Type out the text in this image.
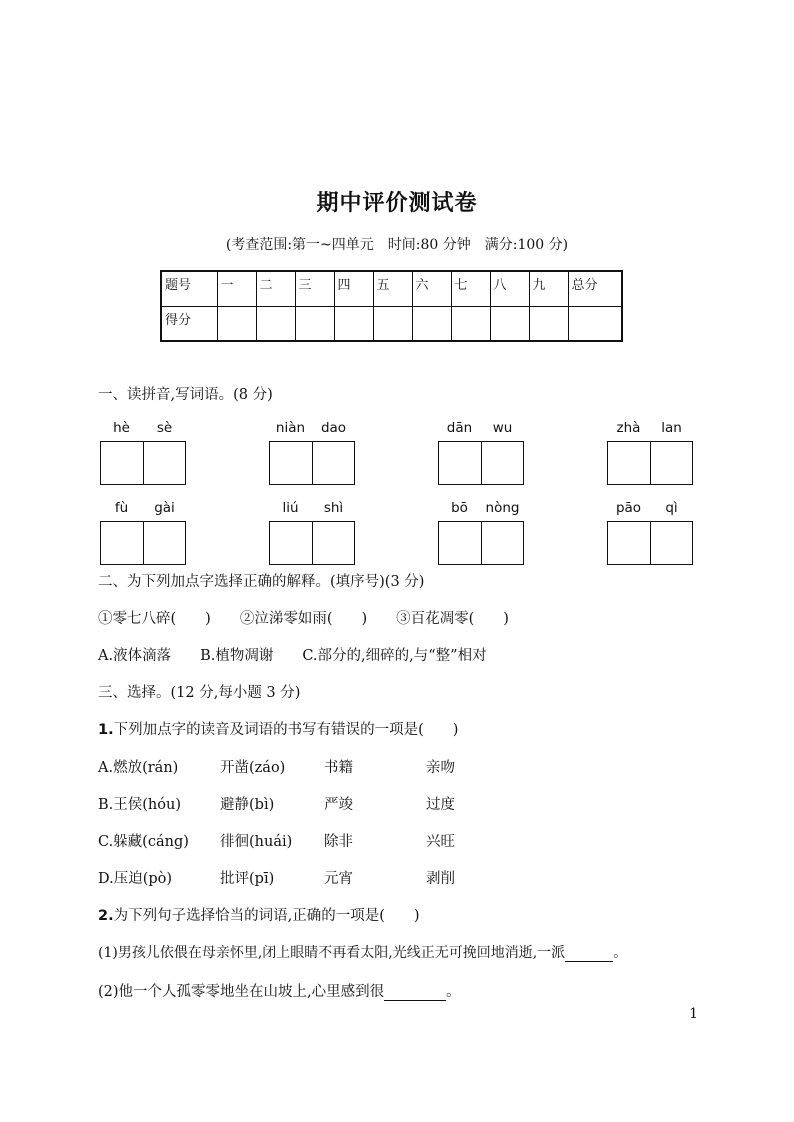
期中评价测试卷
(考查范围:第一~四单元　时间:80 分钟　满分:100 分)
题号	一	二	三	四	五	六	七	八	九	总分
得分										
一、读拼音,写词语。(8 分)
hè	sè	niàn	dao	dān	wu	zhà	lan
fù	gài	liú	shì	bō	nòng	pāo	qì
二、为下列加点字选择正确的解释。(填序号)(3 分)
①零七八碎(　　)　　②泣涕零如雨(　　)　　③百花凋零(　　)
A.液体滴落　　B.植物凋谢　　C.部分的,细碎的,与“整”相对
三、选择。(12 分,每小题 3 分)
1.下列加点字的读音及词语的书写有错误的一项是(　　)
A.燃放(rán)	开凿(záo)	书籍	亲吻
B.王侯(hóu)	避静(bì)	严竣	过度
C.躲藏(cáng) 徘徊(huái) 除非	兴旺
D.压迫(pò)	批评(pī)	元宵	剥削
2.为下列句子选择恰当的词语,正确的一项是(　　)
(1)男孩儿依偎在母亲怀里,闭上眼睛不再看太阳,光线正无可挽回地消逝,一派	。
(2)他一个人孤零零地坐在山坡上,心里感到很	。
1
